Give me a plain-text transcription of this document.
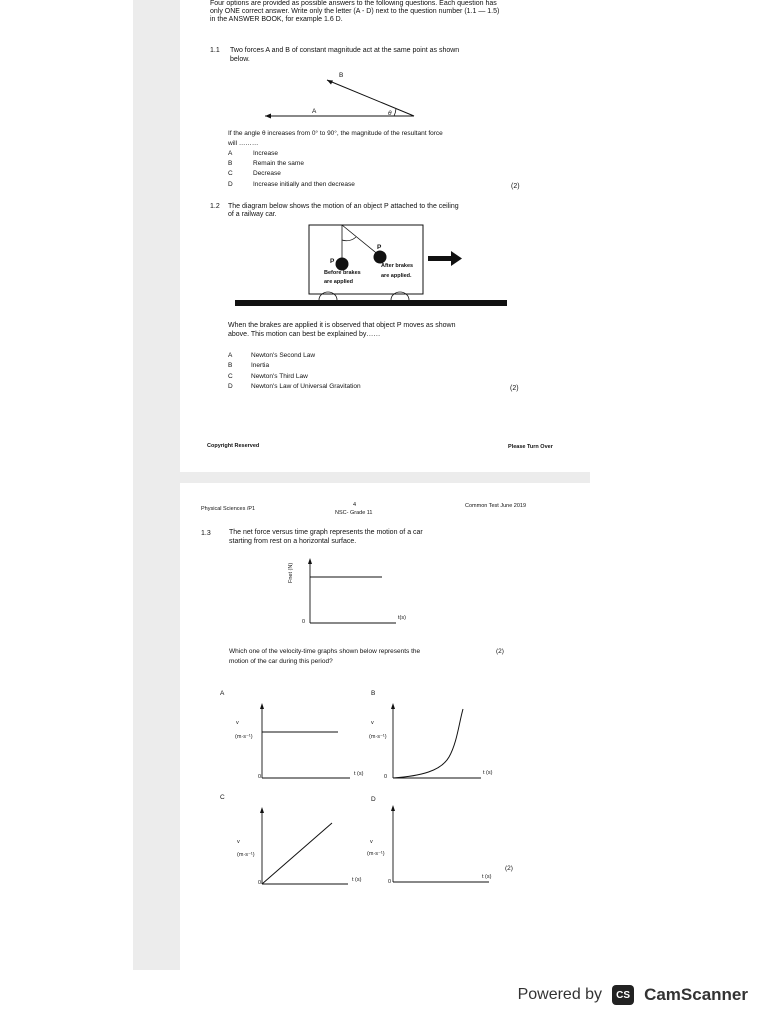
Four options are provided as possible answers to the following questions. Each question has
only ONE correct answer. Write only the letter (A - D) next to the question number (1.1 — 1.5)
in the ANSWER BOOK, for example 1.6 D.
1.1 Two forces A and B of constant magnitude act at the same point as shown
below.
B
A	θ
If the angle θ increases from 0° to 90°, the magnitude of the resultant force
will ………
A	Increase
B	Remain the same
C	Decrease
D	Increase initially and then decrease	(2)
1.2 The diagram below shows the motion of an object P attached to the ceiling
of a railway car.
P
P
Before brakes
are applied
After brakes
are applied.
When the brakes are applied it is observed that object P moves as shown
above. This motion can best be explained by……
A	Newton's Second Law
B	Inertia
C	Newton's Third Law
D	Newton's Law of Universal Gravitation	(2)
Copyright Reserved	Please Turn Over
Physical Sciences /P1
4
NSC- Grade 11
Common Test June 2019
1.3	The net force versus time graph represents the motion of a car
starting from rest on a horizontal surface.
Fnet (N)
0
t(s)
Which one of the velocity-time graphs shown below represents the
motion of the car during this period?
(2)
A
v
(m·s⁻¹)
0	t (s)
B
v
(m·s⁻¹)
0
t (s)
C
v
(m·s⁻¹)
0	t (s)
D
v
(m·s⁻¹)
0
t (s)
(2)
Powered by	CS CamScanner
